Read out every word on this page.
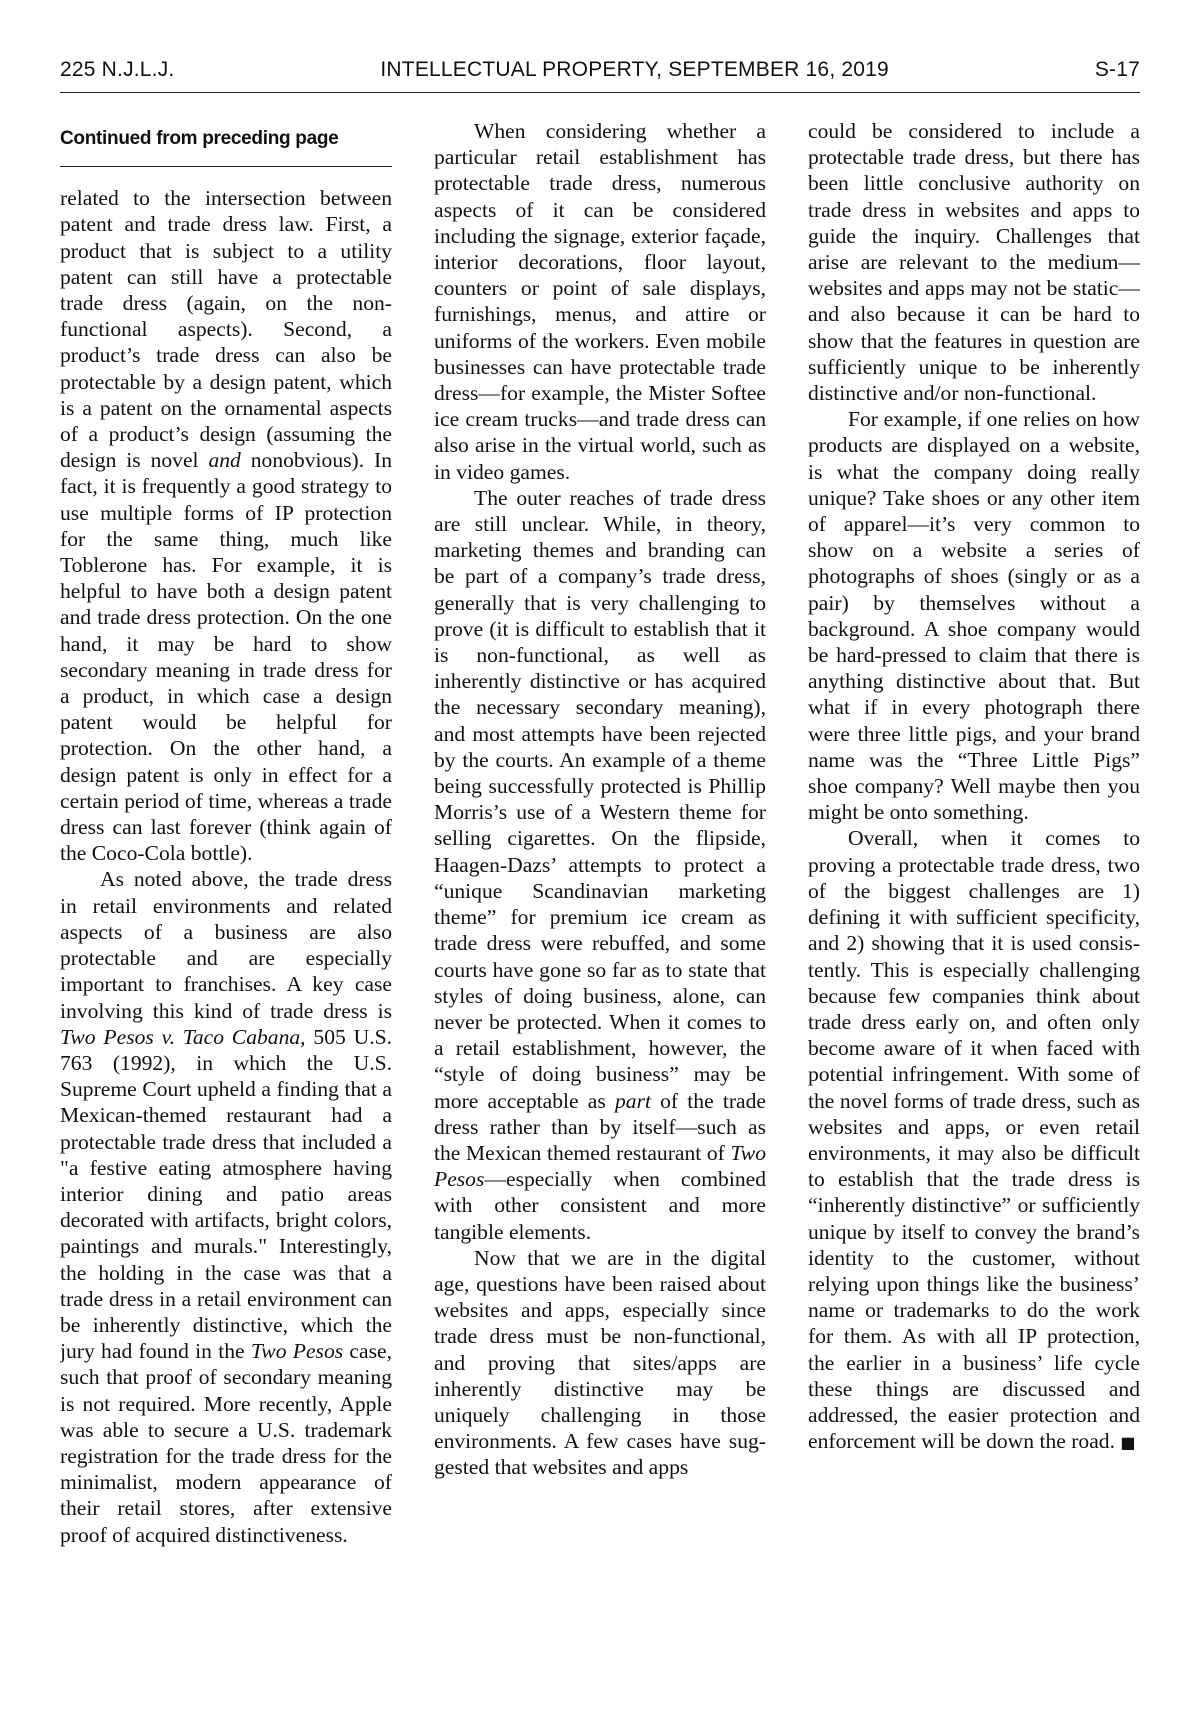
225 N.J.L.J.	INTELLECTUAL PROPERTY, SEPTEMBER 16, 2019	S-17
Continued from preceding page

related to the intersection between patent and trade dress law. First, a product that is subject to a utility patent can still have a protectable trade dress (again, on the non-functional aspects). Second, a product’s trade dress can also be protectable by a design patent, which is a patent on the ornamental aspects of a product’s design (assuming the design is novel and nonobvious). In fact, it is frequently a good strategy to use multiple forms of IP protection for the same thing, much like Toblerone has. For example, it is helpful to have both a design patent and trade dress protection. On the one hand, it may be hard to show secondary meaning in trade dress for a product, in which case a design patent would be helpful for protection. On the other hand, a design patent is only in effect for a certain period of time, whereas a trade dress can last forever (think again of the Coco-Cola bottle).

As noted above, the trade dress in retail environments and related aspects of a business are also protectable and are especially important to franchises. A key case involving this kind of trade dress is Two Pesos v. Taco Cabana, 505 U.S. 763 (1992), in which the U.S. Supreme Court upheld a finding that a Mexican-themed restaurant had a protectable trade dress that included a "a festive eating atmosphere having interior dining and patio areas decorated with artifacts, bright colors, paintings and murals." Interestingly, the holding in the case was that a trade dress in a retail environment can be inherently distinctive, which the jury had found in the Two Pesos case, such that proof of secondary meaning is not required. More recently, Apple was able to secure a U.S. trademark registration for the trade dress for the minimalist, modern appearance of their retail stores, after extensive proof of acquired distinctiveness.

When considering whether a particular retail establishment has protectable trade dress, numerous aspects of it can be considered including the signage, exterior façade, interior decorations, floor layout, counters or point of sale displays, furnishings, menus, and attire or uniforms of the workers. Even mobile businesses can have protectable trade dress—for example, the Mister Softee ice cream trucks—and trade dress can also arise in the virtual world, such as in video games.

The outer reaches of trade dress are still unclear. While, in theory, marketing themes and branding can be part of a company’s trade dress, generally that is very challenging to prove (it is difficult to establish that it is non-functional, as well as inherently distinctive or has acquired the necessary secondary meaning), and most attempts have been rejected by the courts. An example of a theme being successfully protected is Phillip Morris’s use of a Western theme for selling cigarettes. On the flipside, Haagen-Dazs’ attempts to protect a “unique Scandinavian marketing theme” for premium ice cream as trade dress were rebuffed, and some courts have gone so far as to state that styles of doing business, alone, can never be protected. When it comes to a retail establishment, however, the “style of doing business” may be more acceptable as part of the trade dress rather than by itself—such as the Mexican themed restaurant of Two Pesos—especially when combined with other consistent and more tangible elements.

Now that we are in the digital age, questions have been raised about websites and apps, especially since trade dress must be non-functional, and proving that sites/apps are inherently distinctive may be uniquely challenging in those environments. A few cases have suggested that websites and apps

could be considered to include a protectable trade dress, but there has been little conclusive authority on trade dress in websites and apps to guide the inquiry. Challenges that arise are relevant to the medium—websites and apps may not be static—and also because it can be hard to show that the features in question are sufficiently unique to be inherently distinctive and/or non-functional.

For example, if one relies on how products are displayed on a website, is what the company doing really unique? Take shoes or any other item of apparel—it’s very common to show on a website a series of photographs of shoes (singly or as a pair) by themselves without a background. A shoe company would be hard-pressed to claim that there is anything distinctive about that. But what if in every photograph there were three little pigs, and your brand name was the “Three Little Pigs” shoe company? Well maybe then you might be onto something.

Overall, when it comes to proving a protectable trade dress, two of the biggest challenges are 1) defining it with sufficient specificity, and 2) showing that it is used consistently. This is especially challenging because few companies think about trade dress early on, and often only become aware of it when faced with potential infringement. With some of the novel forms of trade dress, such as websites and apps, or even retail environments, it may also be difficult to establish that the trade dress is “inherently distinctive” or sufficiently unique by itself to convey the brand’s identity to the customer, without relying upon things like the business’ name or trademarks to do the work for them. As with all IP protection, the earlier in a business’ life cycle these things are discussed and addressed, the easier protection and enforcement will be down the road. ■
